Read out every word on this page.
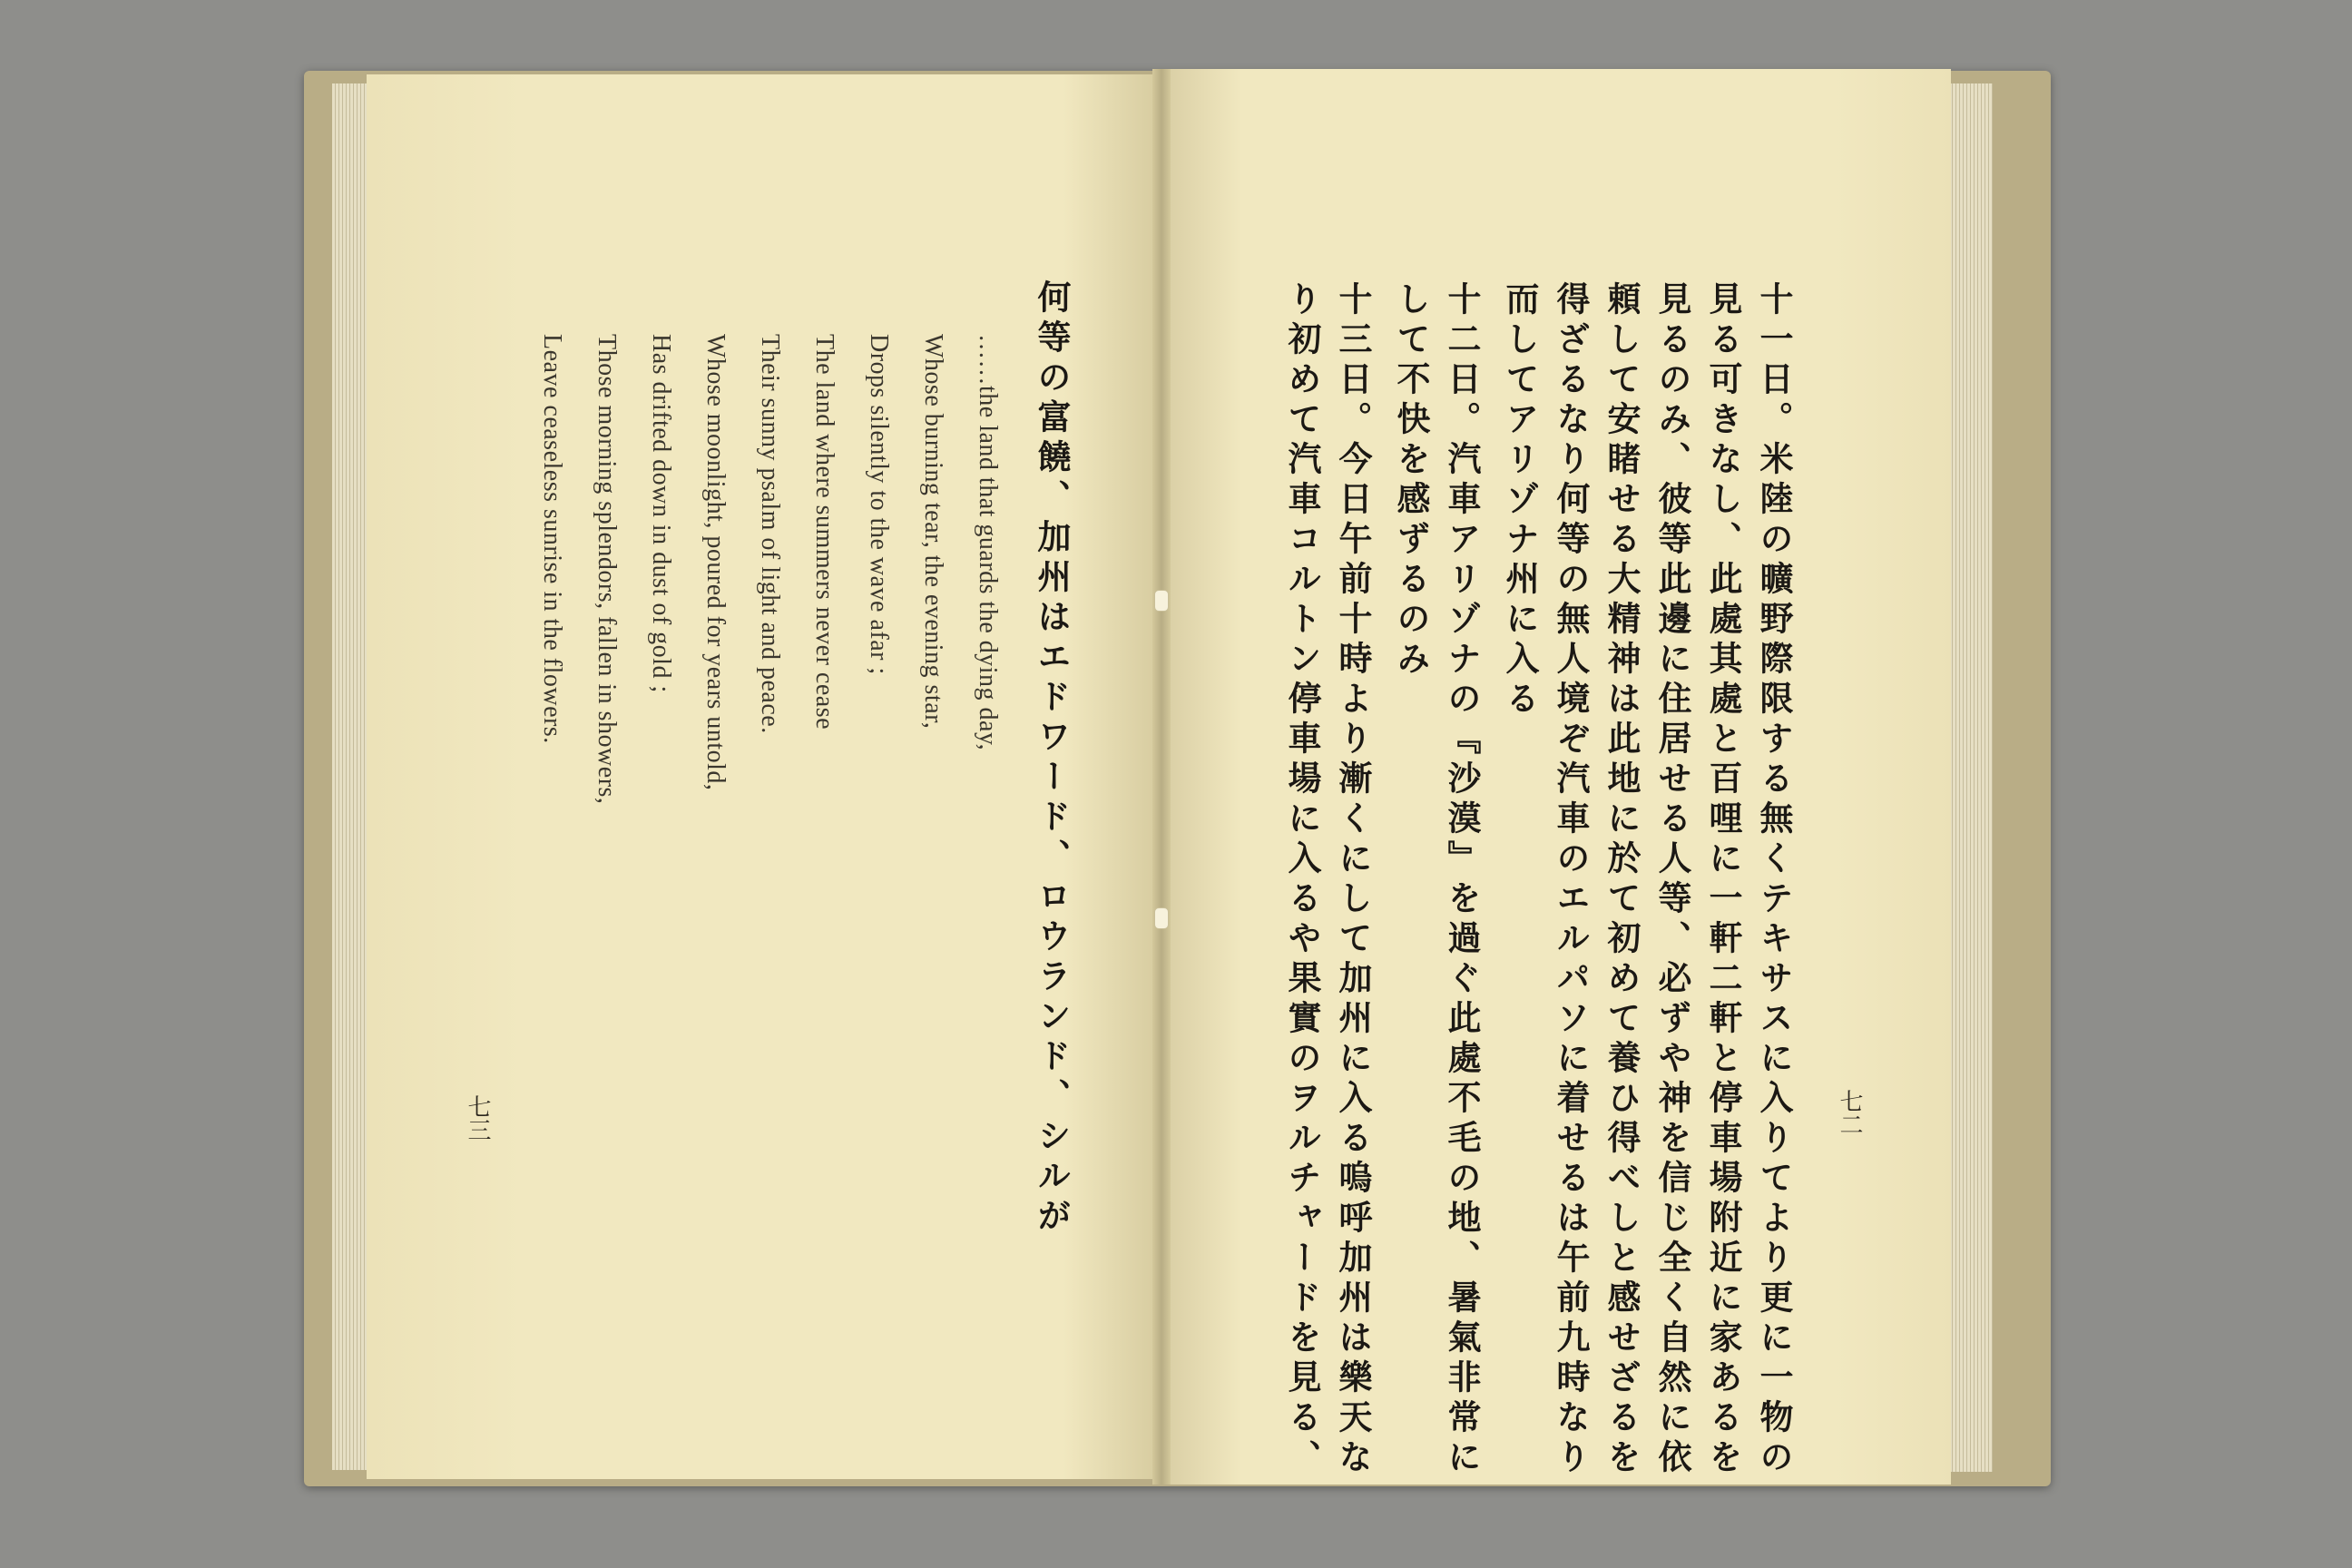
十一日。米陸の曠野際限する無くテキサスに入りてより更に一物の
見る可きなし、此處其處と百哩に一軒二軒と停車場附近に家あるを
見るのみ、彼等此邊に住居せる人等、必ずや神を信じ全く自然に依
頼して安睹せる大精神は此地に於て初めて養ひ得べしと感せざるを
得ざるなり何等の無人境ぞ汽車のエルパソに着せるは午前九時なり
而してアリゾナ州に入る
十二日。汽車アリゾナの『沙漠』を過ぐ此處不毛の地、暑氣非常に
して不快を感ずるのみ
十三日。今日午前十時より漸くにして加州に入る嗚呼加州は樂天な
り初めて汽車コルトン停車場に入るや果實のヲルチャードを見る、	七二
何等の富饒、加州はエドワード、ロウランド、シルが
……the land that guards the dying day,
Whose burning tear, the evening star,
Drops silently to the wave afar ;
The land where summers never cease
Their sunny psalm of light and peace.
Whose moonlight, poured for years untold,
Has drifted down in dust of gold ;
Those morning splendors, fallen in showers,
Leave ceaseless sunrise in the flowers.
七三
